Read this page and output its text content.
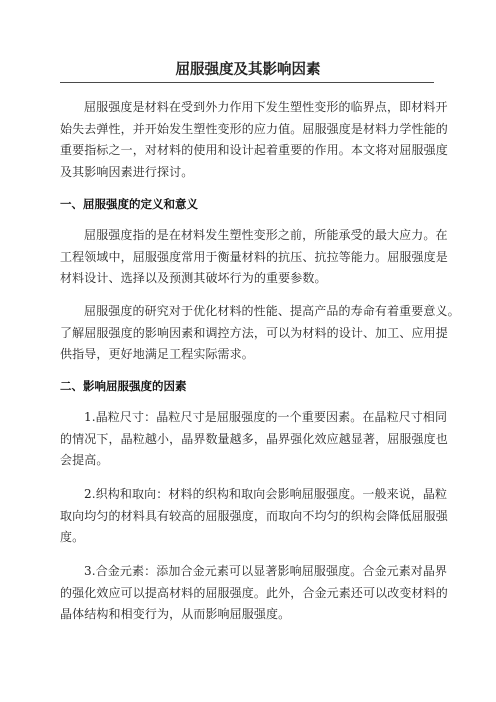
屈服强度及其影响因素

屈服强度是材料在受到外力作用下发生塑性变形的临界点，即材料开
始失去弹性，并开始发生塑性变形的应力值。屈服强度是材料力学性能的
重要指标之一，对材料的使用和设计起着重要的作用。本文将对屈服强度
及其影响因素进行探讨。

一、屈服强度的定义和意义

屈服强度指的是在材料发生塑性变形之前，所能承受的最大应力。在
工程领域中，屈服强度常用于衡量材料的抗压、抗拉等能力。屈服强度是
材料设计、选择以及预测其破坏行为的重要参数。

屈服强度的研究对于优化材料的性能、提高产品的寿命有着重要意义。
了解屈服强度的影响因素和调控方法，可以为材料的设计、加工、应用提
供指导，更好地满足工程实际需求。

二、影响屈服强度的因素

1.晶粒尺寸：晶粒尺寸是屈服强度的一个重要因素。在晶粒尺寸相同
的情况下，晶粒越小，晶界数量越多，晶界强化效应越显著，屈服强度也
会提高。

2.织构和取向：材料的织构和取向会影响屈服强度。一般来说，晶粒
取向均匀的材料具有较高的屈服强度，而取向不均匀的织构会降低屈服强
度。

3.合金元素：添加合金元素可以显著影响屈服强度。合金元素对晶界
的强化效应可以提高材料的屈服强度。此外，合金元素还可以改变材料的
晶体结构和相变行为，从而影响屈服强度。
